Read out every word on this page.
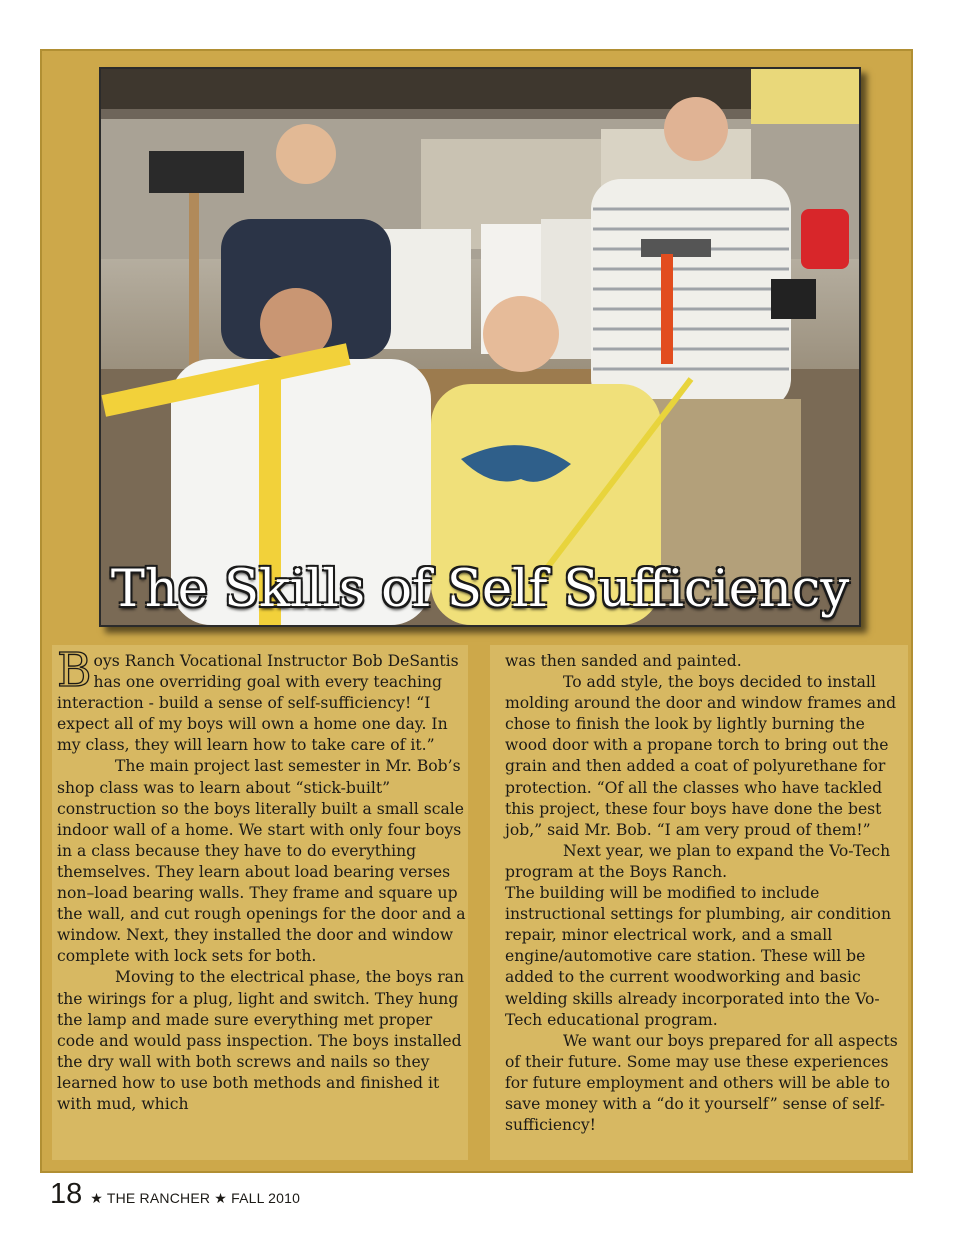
The Skills of Self Sufficiency

Boys Ranch Vocational Instructor Bob DeSantis has one overriding goal with every teaching interaction - build a sense of self-sufficiency! “I expect all of my boys will own a home one day. In my class, they will learn how to take care of it.”

The main project last semester in Mr. Bob’s shop class was to learn about “stick-built” construction so the boys literally built a small scale indoor wall of a home. We start with only four boys in a class because they have to do everything themselves. They learn about load bearing verses non–load bearing walls. They frame and square up the wall, and cut rough openings for the door and a window. Next, they installed the door and window complete with lock sets for both.

Moving to the electrical phase, the boys ran the wirings for a plug, light and switch. They hung the lamp and made sure everything met proper code and would pass inspection. The boys installed the dry wall with both screws and nails so they learned how to use both methods and finished it with mud, which

was then sanded and painted.

To add style, the boys decided to install molding around the door and window frames and chose to finish the look by lightly burning the wood door with a propane torch to bring out the grain and then added a coat of polyurethane for protection. “Of all the classes who have tackled this project, these four boys have done the best job,” said Mr. Bob. “I am very proud of them!”

Next year, we plan to expand the Vo-Tech program at the Boys Ranch.

The building will be modified to include instructional settings for plumbing, air condition repair, minor electrical work, and a small engine/automotive care station. These will be added to the current woodworking and basic welding skills already incorporated into the Vo-Tech educational program.

We want our boys prepared for all aspects of their future. Some may use these experiences for future employment and others will be able to save money with a “do it yourself” sense of self-sufficiency!

18 ★ THE RANCHER ★ FALL 2010
